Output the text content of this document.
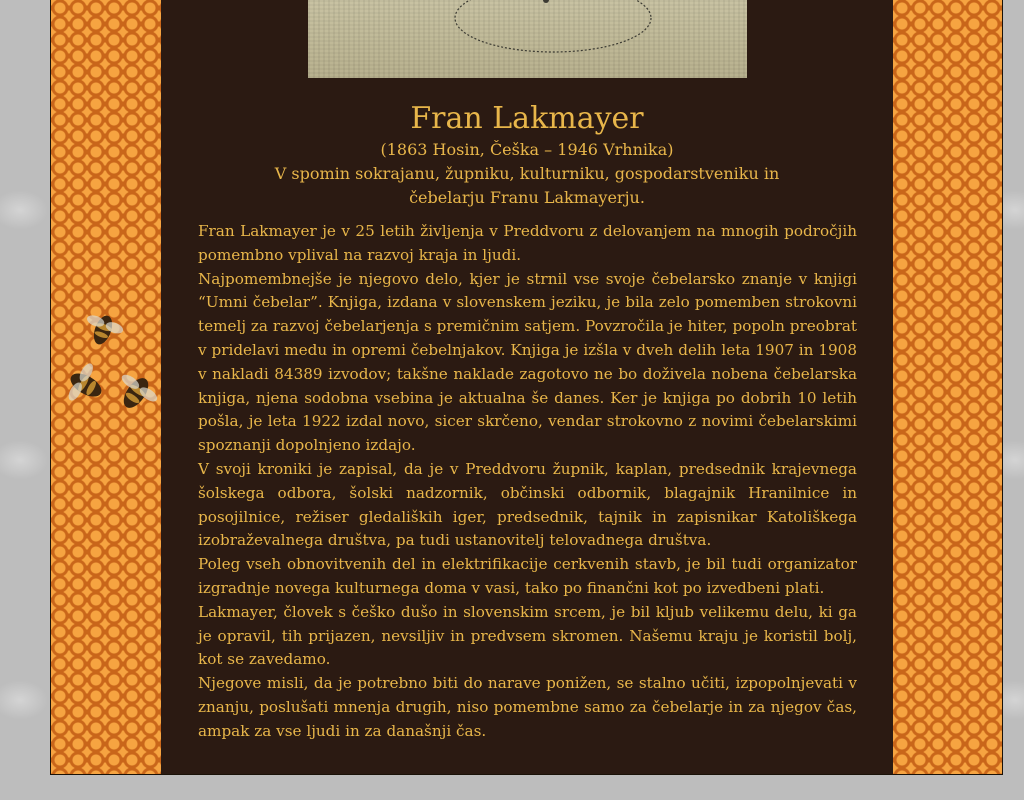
Fran Lakmayer
(1863 Hosin, Češka – 1946 Vrhnika)
V spomin sokrajanu, župniku, kulturniku, gospodarstveniku in
čebelarju Franu Lakmayerju.

Fran Lakmayer je v 25 letih življenja v Preddvoru z delovanjem na mnogih področjih pomembno vplival na razvoj kraja in ljudi.

Najpomembnejše je njegovo delo, kjer je strnil vse svoje čebelarsko znanje v knjigi “Umni čebelar”. Knjiga, izdana v slovenskem jeziku, je bila zelo pomemben strokovni temelj za razvoj čebelarjenja s premičnim satjem. Povzročila je hiter, popoln preobrat v pridelavi medu in opremi čebelnjakov. Knjiga je izšla v dveh delih leta 1907 in 1908 v nakladi 84389 izvodov; takšne naklade zagotovo ne bo doživela nobena čebelarska knjiga, njena sodobna vsebina je aktualna še danes. Ker je knjiga po dobrih 10 letih pošla, je leta 1922 izdal novo, sicer skrčeno, vendar strokovno z novimi čebelarskimi spoznanji dopolnjeno izdajo.

V svoji kroniki je zapisal, da je v Preddvoru župnik, kaplan, predsednik krajevnega šolskega odbora, šolski nadzornik, občinski odbornik, blagajnik Hranilnice in posojilnice, režiser gledaliških iger, predsednik, tajnik in zapisnikar Katoliškega izobraževalnega društva, pa tudi ustanovitelj telovadnega društva.

Poleg vseh obnovitvenih del in elektrifikacije cerkvenih stavb, je bil tudi organizator izgradnje novega kulturnega doma v vasi, tako po finančni kot po izvedbeni plati.

Lakmayer, človek s češko dušo in slovenskim srcem, je bil kljub velikemu delu, ki ga je opravil, tih prijazen, nevsiljiv in predvsem skromen. Našemu kraju je koristil bolj, kot se zavedamo.

Njegove misli, da je potrebno biti do narave ponižen, se stalno učiti, izpopolnjevati v znanju, poslušati mnenja drugih, niso pomembne samo za čebelarje in za njegov čas, ampak za vse ljudi in za današnji čas.
